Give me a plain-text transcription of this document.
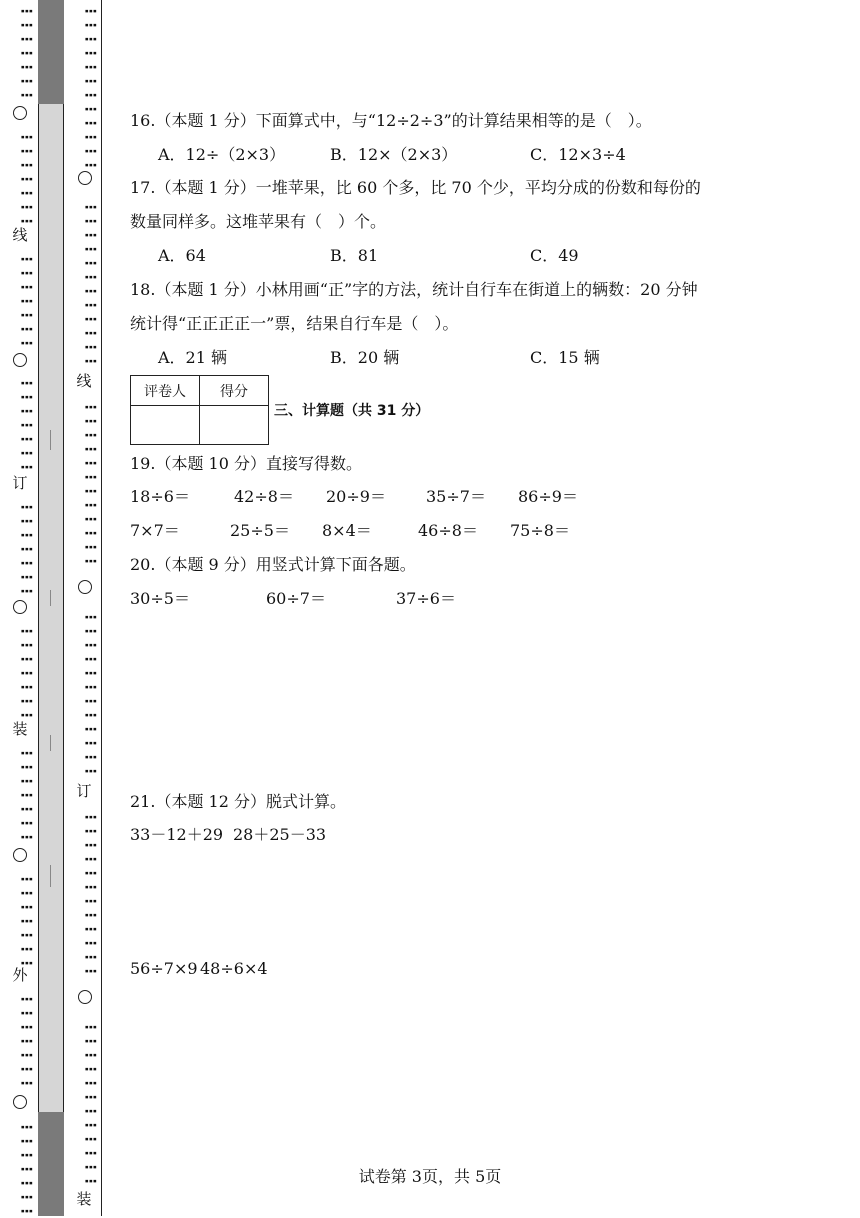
⋮⋮⋮⋮⋮⋮⋮
⋮⋮⋮⋮⋮⋮⋮
线
⋮⋮⋮⋮⋮⋮⋮
⋮⋮⋮⋮⋮⋮⋮
订
⋮⋮⋮⋮⋮⋮⋮
⋮⋮⋮⋮⋮⋮⋮
装
⋮⋮⋮⋮⋮⋮⋮
⋮⋮⋮⋮⋮⋮⋮
外
⋮⋮⋮⋮⋮⋮⋮
⋮⋮⋮⋮⋮⋮⋮
⋮⋮⋮⋮⋮⋮⋮⋮⋮⋮⋮⋮
⋮⋮⋮⋮⋮⋮⋮⋮⋮⋮⋮⋮
线
⋮⋮⋮⋮⋮⋮⋮⋮⋮⋮⋮⋮
⋮⋮⋮⋮⋮⋮⋮⋮⋮⋮⋮⋮
订
⋮⋮⋮⋮⋮⋮⋮⋮⋮⋮⋮⋮
⋮⋮⋮⋮⋮⋮⋮⋮⋮⋮⋮⋮
装
16.（本题 1 分）下面算式中，与“12÷2÷3”的计算结果相等的是（　）。
A．12÷（2×3）	B．12×（2×3）	C．12×3÷4
17.（本题 1 分）一堆苹果，比 60 个多，比 70 个少，平均分成的份数和每份的
数量同样多。这堆苹果有（　）个。
A．64	B．81	C．49
18.（本题 1 分）小林用画“正”字的方法，统计自行车在街道上的辆数：20 分钟
统计得“正正正正一”票，结果自行车是（　）。
A．21 辆	B．20 辆	C．15 辆
19.（本题 10 分）直接写得数。
18÷6＝	42÷8＝ 20÷9＝	35÷7＝ 86÷9＝
7×7＝	25÷5＝ 8×4＝	46÷8＝ 75÷8＝
20.（本题 9 分）用竖式计算下面各题。
30÷5＝	60÷7＝	37÷6＝
21.（本题 12 分）脱式计算。
33－12＋29 28＋25－33
56÷7×9 48÷6×4
评卷人	得分

三、计算题（共 31 分）
试卷第 3页，共 5页
